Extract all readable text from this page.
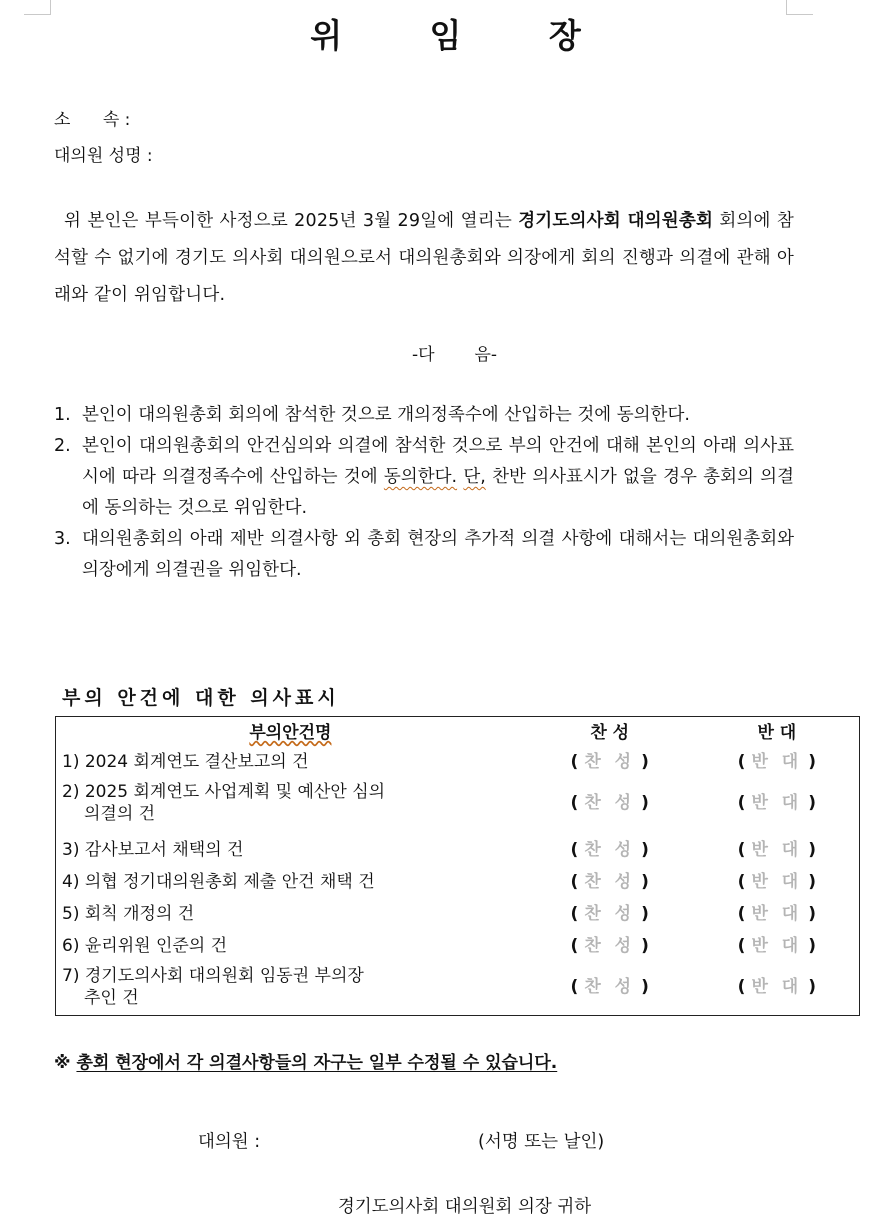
위 임 장
소      속 :
대의원 성명 :
위 본인은 부득이한 사정으로 2025년 3월 29일에 열리는 경기도의사회 대의원총회 회의에 참석할 수 없기에 경기도 의사회 대의원으로서 대의원총회와 의장에게 회의 진행과 의결에 관해 아래와 같이 위임합니다.
-다 음-
1. 본인이 대의원총회 회의에 참석한 것으로 개의정족수에 산입하는 것에 동의한다.
2. 본인이 대의원총회의 안건심의와 의결에 참석한 것으로 부의 안건에 대해 본인의 아래 의사표시에 따라 의결정족수에 산입하는 것에 동의한다. 단, 찬반 의사표시가 없을 경우 총회의 의결에 동의하는 것으로 위임한다.
3. 대의원총회의 아래 제반 의결사항 외 총회 현장의 추가적 의결 사항에 대해서는 대의원총회와 의장에게 의결권을 위임한다.
부의 안건에 대한 의사표시
부의안건명	찬 성	반 대
1) 2024 회계연도 결산보고의 건	( 찬 성 )	( 반 대 )
2) 2025 회계연도 사업계획 및 예산안 심의
의결의 건	( 찬 성 )	( 반 대 )
3) 감사보고서 채택의 건	( 찬 성 )	( 반 대 )
4) 의협 정기대의원총회 제출 안건 채택 건	( 찬 성 )	( 반 대 )
5) 회칙 개정의 건	( 찬 성 )	( 반 대 )
6) 윤리위원 인준의 건	( 찬 성 )	( 반 대 )
7) 경기도의사회 대의원회 임동권 부의장
추인 건	( 찬 성 )	( 반 대 )
※ 총회 현장에서 각 의결사항들의 자구는 일부 수정될 수 있습니다.
대의원 :	(서명 또는 날인)
경기도의사회 대의원회 의장 귀하
